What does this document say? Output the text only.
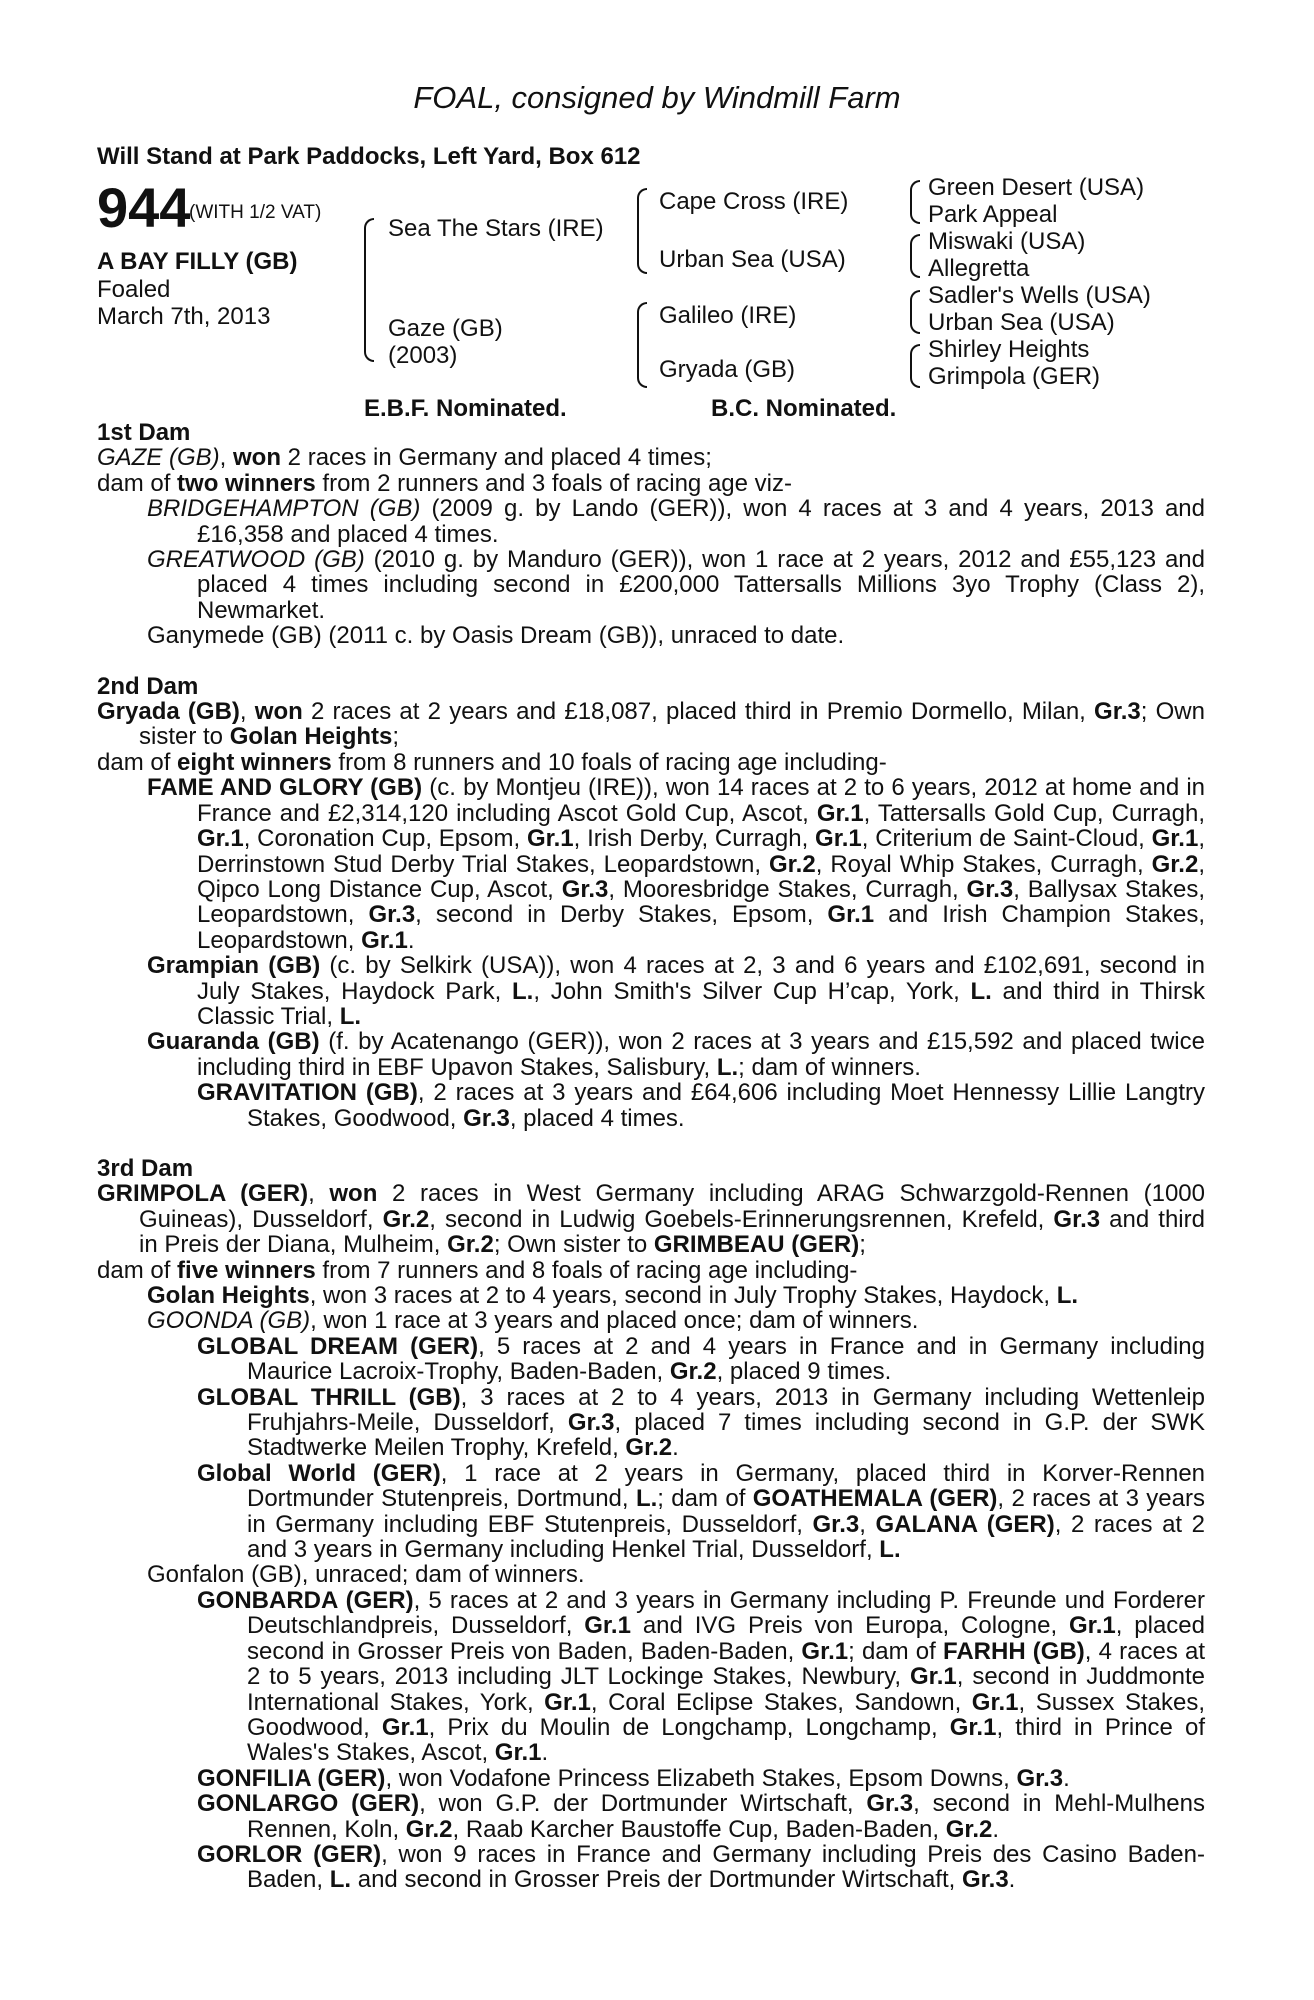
FOAL, consigned by Windmill Farm
Will Stand at Park Paddocks, Left Yard, Box 612
944
(WITH 1/2 VAT)
A BAY FILLY (GB)
Foaled
March 7th, 2013
Sea The Stars (IRE)
Gaze (GB)
(2003)
Cape Cross (IRE)
Urban Sea (USA)
Galileo (IRE)
Gryada (GB)
Green Desert (USA)
Park Appeal
Miswaki (USA)
Allegretta
Sadler's Wells (USA)
Urban Sea (USA)
Shirley Heights
Grimpola (GER)
E.B.F. Nominated.	B.C. Nominated.

1st Dam

GAZE (GB), won 2 races in Germany and placed 4 times;

dam of two winners from 2 runners and 3 foals of racing age viz-

BRIDGEHAMPTON (GB) (2009 g. by Lando (GER)), won 4 races at 3 and 4 years, 2013 and £16,358 and placed 4 times.

GREATWOOD (GB) (2010 g. by Manduro (GER)), won 1 race at 2 years, 2012 and £55,123 and placed 4 times including second in £200,000 Tattersalls Millions 3yo Trophy (Class 2), Newmarket.

Ganymede (GB) (2011 c. by Oasis Dream (GB)), unraced to date.

2nd Dam

Gryada (GB), won 2 races at 2 years and £18,087, placed third in Premio Dormello, Milan, Gr.3; Own sister to Golan Heights;

dam of eight winners from 8 runners and 10 foals of racing age including-

FAME AND GLORY (GB) (c. by Montjeu (IRE)), won 14 races at 2 to 6 years, 2012 at home and in France and £2,314,120 including Ascot Gold Cup, Ascot, Gr.1, Tattersalls Gold Cup, Curragh, Gr.1, Coronation Cup, Epsom, Gr.1, Irish Derby, Curragh, Gr.1, Criterium de Saint-Cloud, Gr.1, Derrinstown Stud Derby Trial Stakes, Leopardstown, Gr.2, Royal Whip Stakes, Curragh, Gr.2, Qipco Long Distance Cup, Ascot, Gr.3, Mooresbridge Stakes, Curragh, Gr.3, Ballysax Stakes, Leopardstown, Gr.3, second in Derby Stakes, Epsom, Gr.1 and Irish Champion Stakes, Leopardstown, Gr.1.

Grampian (GB) (c. by Selkirk (USA)), won 4 races at 2, 3 and 6 years and £102,691, second in July Stakes, Haydock Park, L., John Smith's Silver Cup H’cap, York, L. and third in Thirsk Classic Trial, L.

Guaranda (GB) (f. by Acatenango (GER)), won 2 races at 3 years and £15,592 and placed twice including third in EBF Upavon Stakes, Salisbury, L.; dam of winners.

GRAVITATION (GB), 2 races at 3 years and £64,606 including Moet Hennessy Lillie Langtry Stakes, Goodwood, Gr.3, placed 4 times.

3rd Dam

GRIMPOLA (GER), won 2 races in West Germany including ARAG Schwarzgold-Rennen (1000 Guineas), Dusseldorf, Gr.2, second in Ludwig Goebels-Erinnerungsrennen, Krefeld, Gr.3 and third in Preis der Diana, Mulheim, Gr.2; Own sister to GRIMBEAU (GER);

dam of five winners from 7 runners and 8 foals of racing age including-

Golan Heights, won 3 races at 2 to 4 years, second in July Trophy Stakes, Haydock, L.

GOONDA (GB), won 1 race at 3 years and placed once; dam of winners.

GLOBAL DREAM (GER), 5 races at 2 and 4 years in France and in Germany including Maurice Lacroix-Trophy, Baden-Baden, Gr.2, placed 9 times.

GLOBAL THRILL (GB), 3 races at 2 to 4 years, 2013 in Germany including Wettenleip Fruhjahrs-Meile, Dusseldorf, Gr.3, placed 7 times including second in G.P. der SWK Stadtwerke Meilen Trophy, Krefeld, Gr.2.

Global World (GER), 1 race at 2 years in Germany, placed third in Korver-Rennen Dortmunder Stutenpreis, Dortmund, L.; dam of GOATHEMALA (GER), 2 races at 3 years in Germany including EBF Stutenpreis, Dusseldorf, Gr.3, GALANA (GER), 2 races at 2 and 3 years in Germany including Henkel Trial, Dusseldorf, L.

Gonfalon (GB), unraced; dam of winners.

GONBARDA (GER), 5 races at 2 and 3 years in Germany including P. Freunde und Forderer Deutschlandpreis, Dusseldorf, Gr.1 and IVG Preis von Europa, Cologne, Gr.1, placed second in Grosser Preis von Baden, Baden-Baden, Gr.1; dam of FARHH (GB), 4 races at 2 to 5 years, 2013 including JLT Lockinge Stakes, Newbury, Gr.1, second in Juddmonte International Stakes, York, Gr.1, Coral Eclipse Stakes, Sandown, Gr.1, Sussex Stakes, Goodwood, Gr.1, Prix du Moulin de Longchamp, Longchamp, Gr.1, third in Prince of Wales's Stakes, Ascot, Gr.1.

GONFILIA (GER), won Vodafone Princess Elizabeth Stakes, Epsom Downs, Gr.3.

GONLARGO (GER), won G.P. der Dortmunder Wirtschaft, Gr.3, second in Mehl-Mulhens Rennen, Koln, Gr.2, Raab Karcher Baustoffe Cup, Baden-Baden, Gr.2.

GORLOR (GER), won 9 races in France and Germany including Preis des Casino Baden-Baden, L. and second in Grosser Preis der Dortmunder Wirtschaft, Gr.3.
